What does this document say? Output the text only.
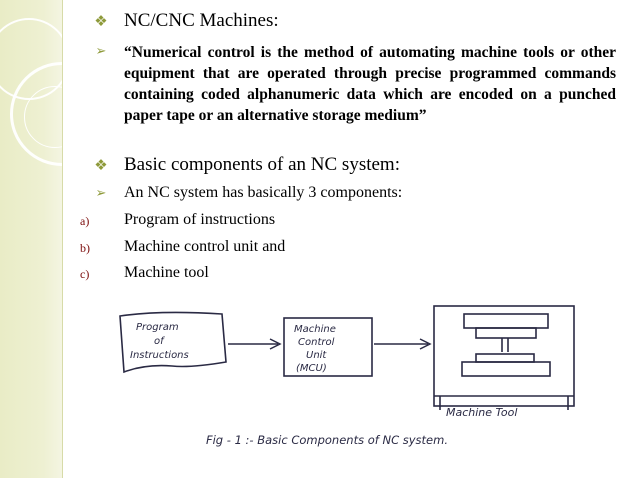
❖ NC/CNC Machines:
➢	“Numerical control is the method of automating machine tools or other equipment that are operated through precise programmed commands containing coded alphanumeric data which are encoded on a punched paper tape or an alternative storage medium”
❖ Basic components of an NC system:
➢	An NC system has basically 3 components:
a)	Program of instructions
b)	Machine control unit and
c)	Machine tool
Program
of
Instructions
Machine
Control
Unit
(MCU)
Machine Tool
Fig - 1 :- Basic Components of NC system.
